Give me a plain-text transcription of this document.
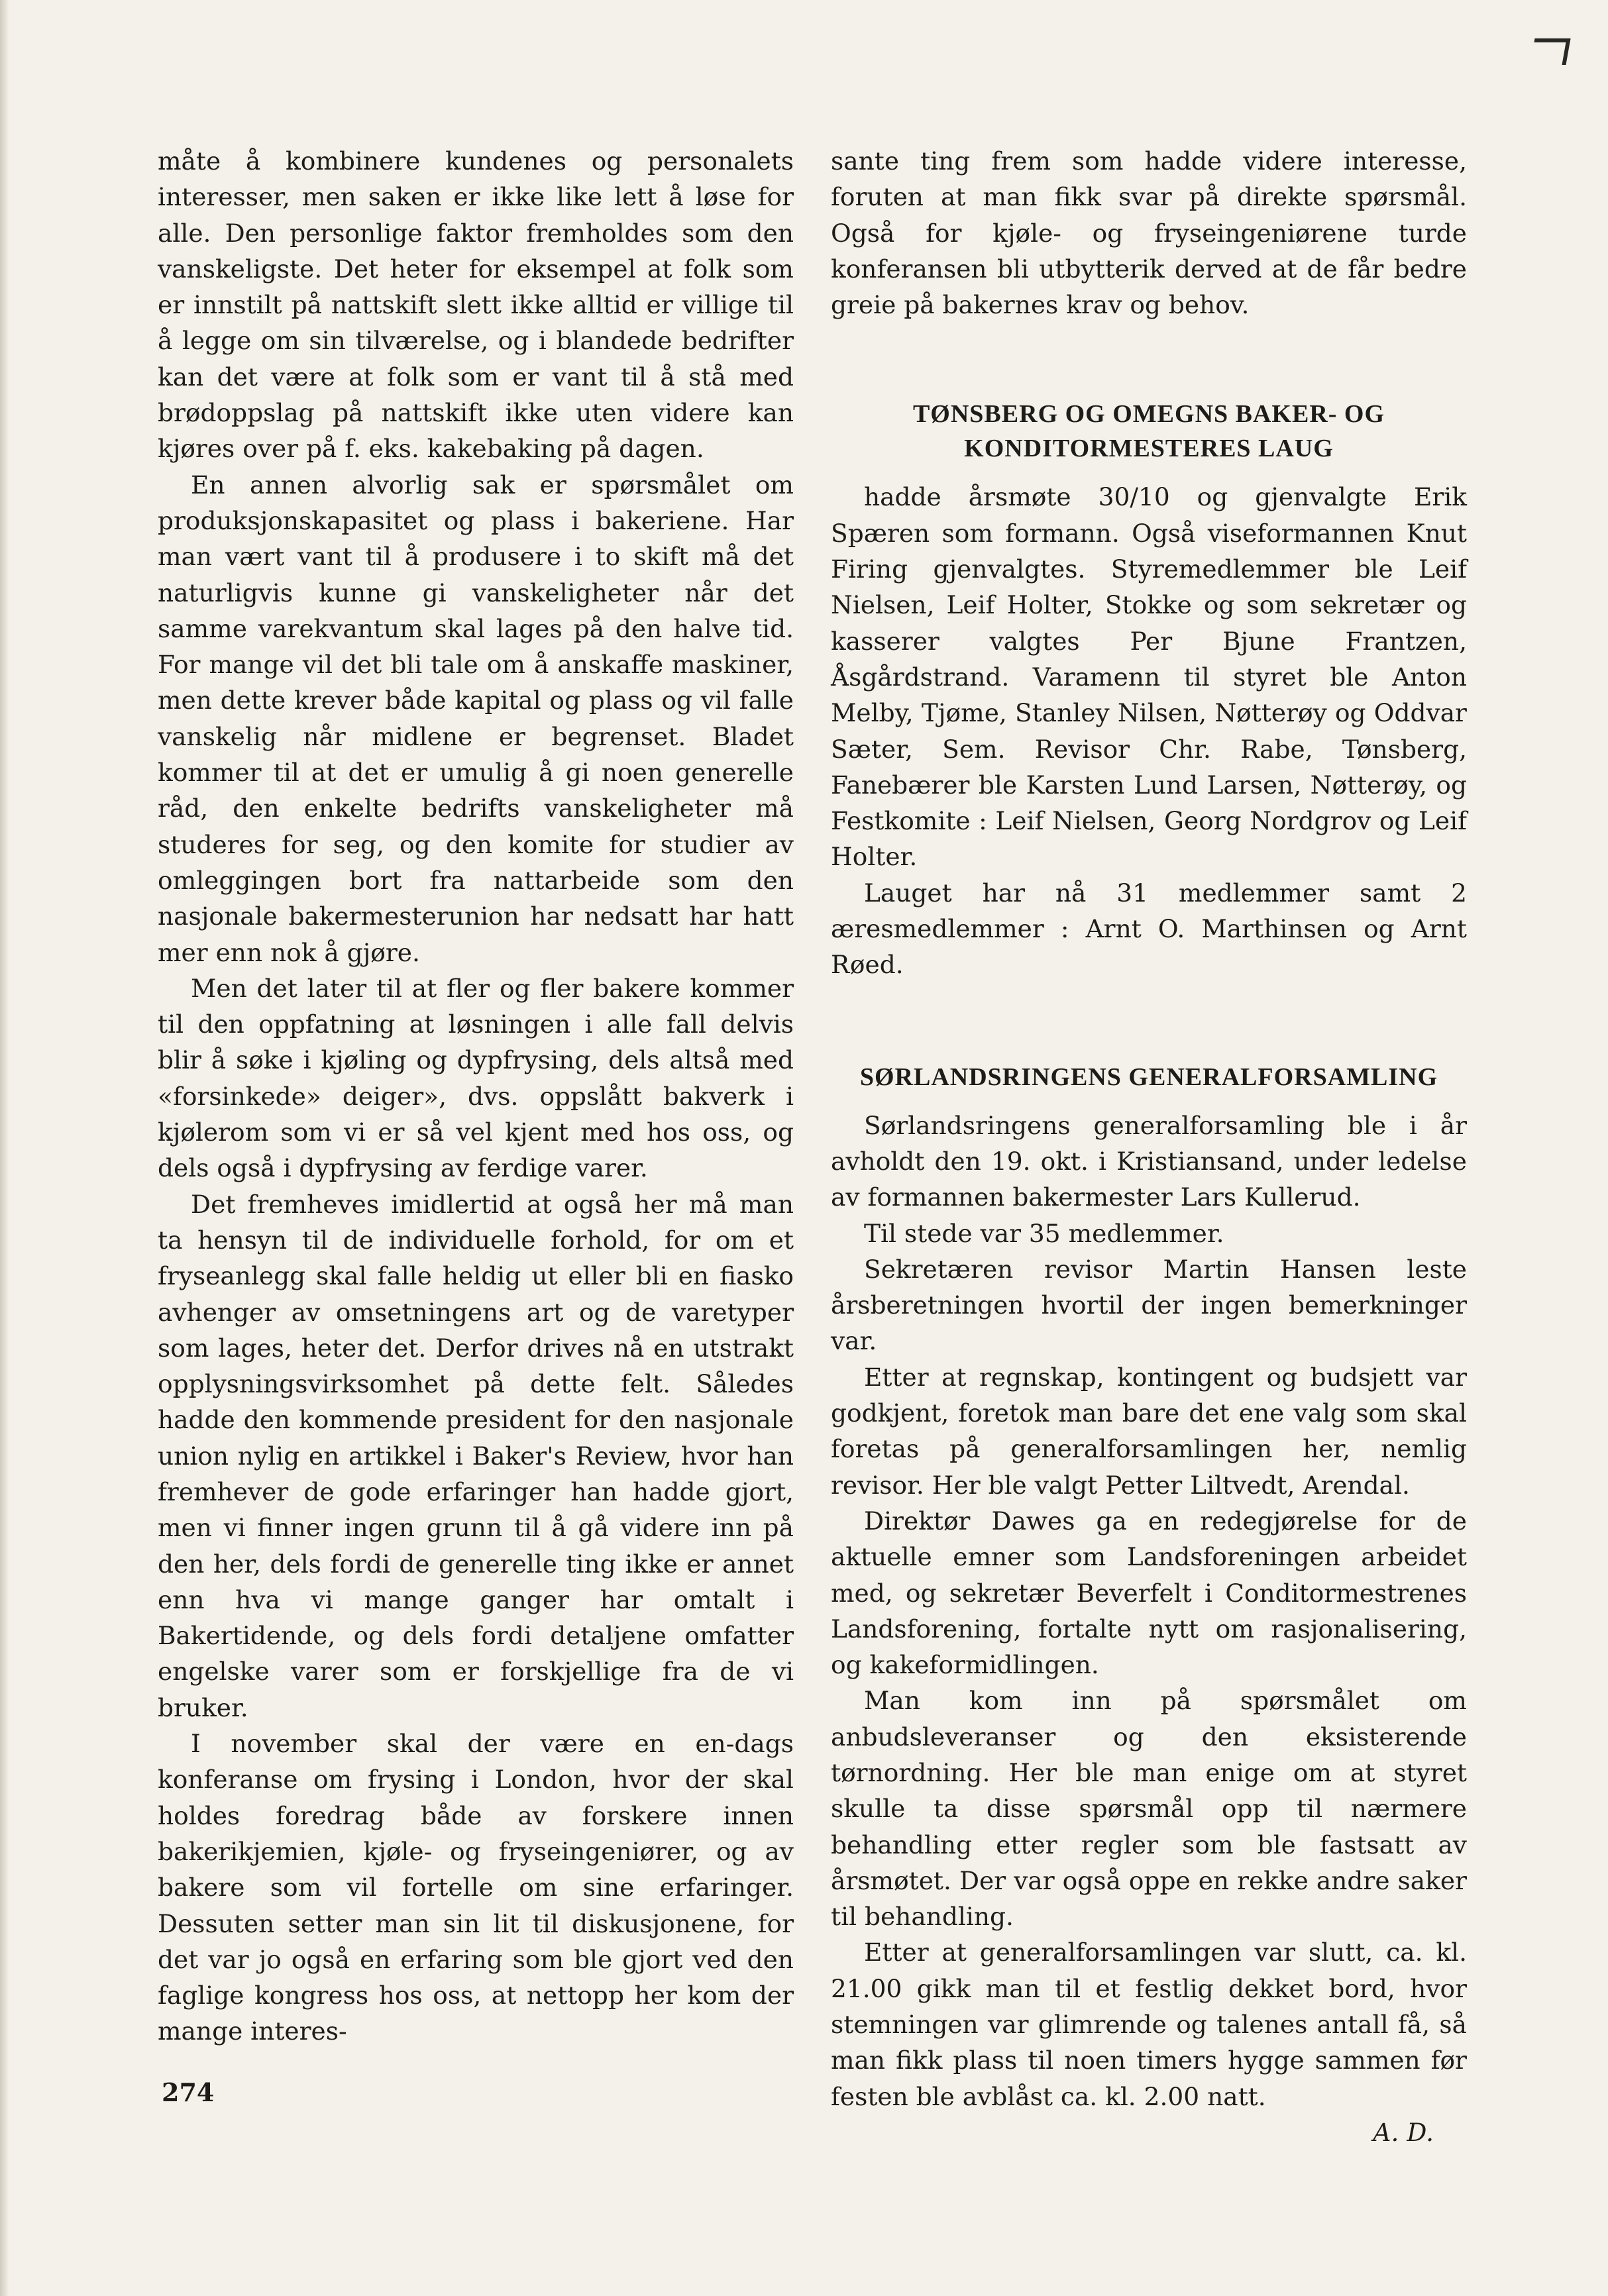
måte å kombinere kundenes og personalets interesser, men saken er ikke like lett å løse for alle. Den personlige faktor fremholdes som den vanskeligste. Det heter for eksempel at folk som er innstilt på nattskift slett ikke alltid er villige til å legge om sin tilværelse, og i blandede bedrifter kan det være at folk som er vant til å stå med brødoppslag på nattskift ikke uten videre kan kjøres over på f. eks. kakebaking på dagen.

En annen alvorlig sak er spørsmålet om produksjonskapasitet og plass i bakeriene. Har man vært vant til å produsere i to skift må det naturligvis kunne gi vanskeligheter når det samme varekvantum skal lages på den halve tid. For mange vil det bli tale om å anskaffe maskiner, men dette krever både kapital og plass og vil falle vanskelig når midlene er begrenset. Bladet kommer til at det er umulig å gi noen generelle råd, den enkelte bedrifts vanskeligheter må studeres for seg, og den komite for studier av omleggingen bort fra nattarbeide som den nasjonale bakermesterunion har nedsatt har hatt mer enn nok å gjøre.

Men det later til at fler og fler bakere kommer til den oppfatning at løsningen i alle fall delvis blir å søke i kjøling og dypfrysing, dels altså med «forsinkede» deiger», dvs. oppslått bakverk i kjølerom som vi er så vel kjent med hos oss, og dels også i dypfrysing av ferdige varer.

Det fremheves imidlertid at også her må man ta hensyn til de individuelle forhold, for om et fryseanlegg skal falle heldig ut eller bli en fiasko avhenger av omsetningens art og de varetyper som lages, heter det. Derfor drives nå en utstrakt opplysningsvirksomhet på dette felt. Således hadde den kommende president for den nasjonale union nylig en artikkel i Baker's Review, hvor han fremhever de gode erfaringer han hadde gjort, men vi finner ingen grunn til å gå videre inn på den her, dels fordi de generelle ting ikke er annet enn hva vi mange ganger har omtalt i Bakertidende, og dels fordi detaljene omfatter engelske varer som er forskjellige fra de vi bruker.

I november skal der være en en-dags konferanse om frysing i London, hvor der skal holdes foredrag både av forskere innen bakerikjemien, kjøle- og fryseingeniører, og av bakere som vil fortelle om sine erfaringer. Dessuten setter man sin lit til diskusjonene, for det var jo også en erfaring som ble gjort ved den faglige kongress hos oss, at nettopp her kom der mange interes-

sante ting frem som hadde videre interesse, foruten at man fikk svar på direkte spørsmål. Også for kjøle- og fryseingeniørene turde konferansen bli utbytterik derved at de får bedre greie på bakernes krav og behov.

TØNSBERG OG OMEGNS BAKER- OG KONDITORMESTERES LAUG

hadde årsmøte 30/10 og gjenvalgte Erik Spæren som formann. Også viseformannen Knut Firing gjenvalgtes. Styremedlemmer ble Leif Nielsen, Leif Holter, Stokke og som sekretær og kasserer valgtes Per Bjune Frantzen, Åsgårdstrand. Varamenn til styret ble Anton Melby, Tjøme, Stanley Nilsen, Nøtterøy og Oddvar Sæter, Sem. Revisor Chr. Rabe, Tønsberg, Fanebærer ble Karsten Lund Larsen, Nøtterøy, og Festkomite : Leif Nielsen, Georg Nordgrov og Leif Holter.

Lauget har nå 31 medlemmer samt 2 æresmedlemmer : Arnt O. Marthinsen og Arnt Røed.

SØRLANDSRINGENS GENERALFORSAMLING

Sørlandsringens generalforsamling ble i år avholdt den 19. okt. i Kristiansand, under ledelse av formannen bakermester Lars Kullerud.

Til stede var 35 medlemmer.

Sekretæren revisor Martin Hansen leste årsberetningen hvortil der ingen bemerkninger var.

Etter at regnskap, kontingent og budsjett var godkjent, foretok man bare det ene valg som skal foretas på generalforsamlingen her, nemlig revisor. Her ble valgt Petter Liltvedt, Arendal.

Direktør Dawes ga en redegjørelse for de aktuelle emner som Landsforeningen arbeidet med, og sekretær Beverfelt i Conditormestrenes Landsforening, fortalte nytt om rasjonalisering, og kakeformidlingen.

Man kom inn på spørsmålet om anbudsleveranser og den eksisterende tørnordning. Her ble man enige om at styret skulle ta disse spørsmål opp til nærmere behandling etter regler som ble fastsatt av årsmøtet. Der var også oppe en rekke andre saker til behandling.

Etter at generalforsamlingen var slutt, ca. kl. 21.00 gikk man til et festlig dekket bord, hvor stemningen var glimrende og talenes antall få, så man fikk plass til noen timers hygge sammen før festen ble avblåst ca. kl. 2.00 natt.

A. D.

274
